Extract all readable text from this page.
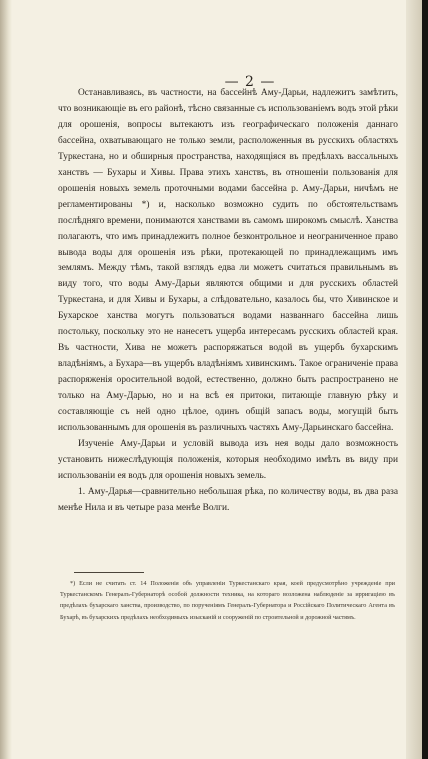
— 2 —

Останавливаясь, въ частности, на бассейнѣ Аму-Дарьи, надлежитъ замѣтить, что возникающіе въ его районѣ, тѣсно связанные съ использованіемъ водъ этой рѣки для орошенія, вопросы вытекаютъ изъ географическаго положенія даннаго бассейна, охватывающаго не только земли, расположенныя въ русскихъ областяхъ Туркестана, но и обширныя пространства, находящіяся въ предѣлахъ вассальныхъ ханствъ — Бухары и Хивы. Права этихъ ханствъ, въ отношеніи пользованія для орошенія новыхъ земель проточными водами бассейна р. Аму-Дарьи, ничѣмъ не регламентированы *) и, насколько возможно судить по обстоятельствамъ послѣдняго времени, понимаются ханствами въ самомъ широкомъ смыслѣ. Ханства полагаютъ, что имъ принадлежитъ полное безконтрольное и неограниченное право вывода воды для орошенія изъ рѣки, протекающей по принадлежащимъ имъ землямъ. Между тѣмъ, такой взглядъ едва ли можетъ считаться правильнымъ въ виду того, что воды Аму-Дарьи являются общими и для русскихъ областей Туркестана, и для Хивы и Бухары, а слѣдовательно, казалось бы, что Хивинское и Бухарское ханства могутъ пользоваться водами названнаго бассейна лишь постольку, поскольку это не нанесетъ ущерба интересамъ русскихъ областей края. Въ частности, Хива не можетъ распоряжаться водой въ ущербъ бухарскимъ владѣніямъ, а Бухара—въ ущербъ владѣніямъ хивинскимъ. Такое ограниченіе права распоряженія оросительной водой, естественно, должно быть распространено не только на Аму-Дарью, но и на всѣ ея притоки, питающіе главную рѣку и составляющіе съ ней одно цѣлое, одинъ общій запасъ воды, могущій быть использованнымъ для орошенія въ различныхъ частяхъ Аму-Дарьинскаго бассейна.

Изученіе Аму-Дарьи и условій вывода изъ нея воды дало возможность установить нижеслѣдующія положенія, которыя необходимо имѣть въ виду при использованіи ея водъ для орошенія новыхъ земель.

1. Аму-Дарья—сравнительно небольшая рѣка, по количеству воды, въ два раза менѣе Нила и въ четыре раза менѣе Волги.

*) Если не считать ст. 14 Положенія объ управленіи Туркестанскаго края, коей предусмотрѣно учрежденіе при Туркестанскомъ Генералъ-Губернаторѣ особой должности техника, на котораго возложена наблюденіе за ирригаціею въ предѣлахъ бухарскаго ханства, производство, по порученіямъ Генералъ-Губернатора и Россійскаго Политическаго Агента въ Бухарѣ, въ бухарскихъ предѣлахъ необходимыхъ изысканій и сооруженій по строительной и дорожной частямъ.
